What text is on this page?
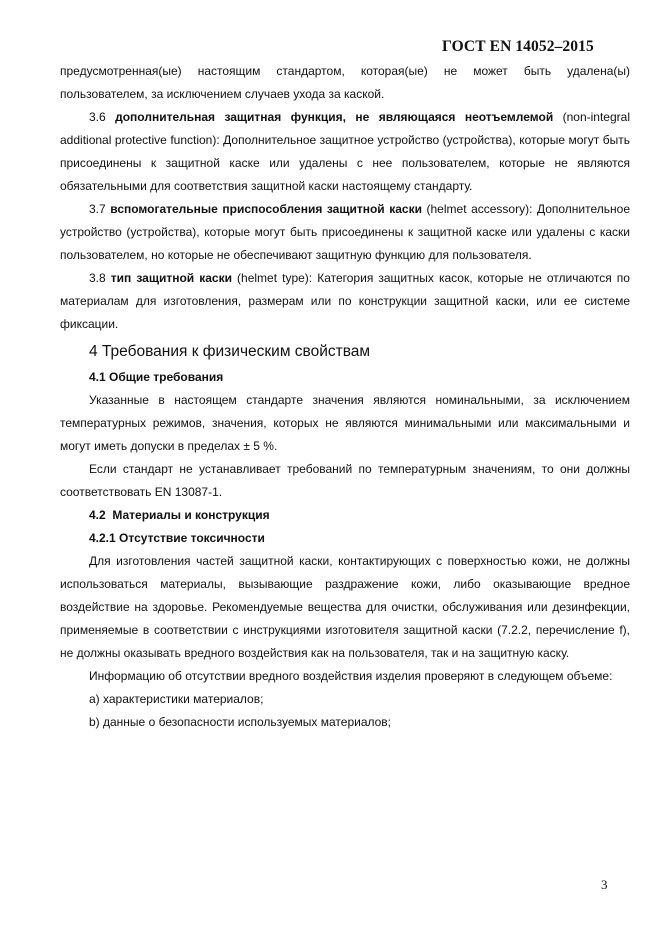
ГОСТ EN 14052–2015

предусмотренная(ые) настоящим стандартом, которая(ые) не может быть удалена(ы) пользователем, за исключением случаев ухода за каской.

3.6 дополнительная защитная функция, не являющаяся неотъемлемой (non-integral additional protective function): Дополнительное защитное устройство (устройства), которые могут быть присоединены к защитной каске или удалены с нее пользователем, которые не являются обязательными для соответствия защитной каски настоящему стандарту.

3.7 вспомогательные приспособления защитной каски (helmet accessory): Дополнительное устройство (устройства), которые могут быть присоединены к защитной каске или удалены с каски пользователем, но которые не обеспечивают защитную функцию для пользователя.

3.8 тип защитной каски (helmet type): Категория защитных касок, которые не отличаются по материалам для изготовления, размерам или по конструкции защитной каски, или ее системе фиксации.

4 Требования к физическим свойствам
4.1 Общие требования

Указанные в настоящем стандарте значения являются номинальными, за исключением температурных режимов, значения, которых не являются минимальными или максимальными и могут иметь допуски в пределах ± 5 %.

Если стандарт не устанавливает требований по температурным значениям, то они должны соответствовать EN 13087-1.

4.2 Материалы и конструкция
4.2.1 Отсутствие токсичности

Для изготовления частей защитной каски, контактирующих с поверхностью кожи, не должны использоваться материалы, вызывающие раздражение кожи, либо оказывающие вредное воздействие на здоровье. Рекомендуемые вещества для очистки, обслуживания или дезинфекции, применяемые в соответствии с инструкциями изготовителя защитной каски (7.2.2, перечисление f), не должны оказывать вредного воздействия как на пользователя, так и на защитную каску.

Информацию об отсутствии вредного воздействия изделия проверяют в следующем объеме:

а) характеристики материалов;

b) данные о безопасности используемых материалов;

3
